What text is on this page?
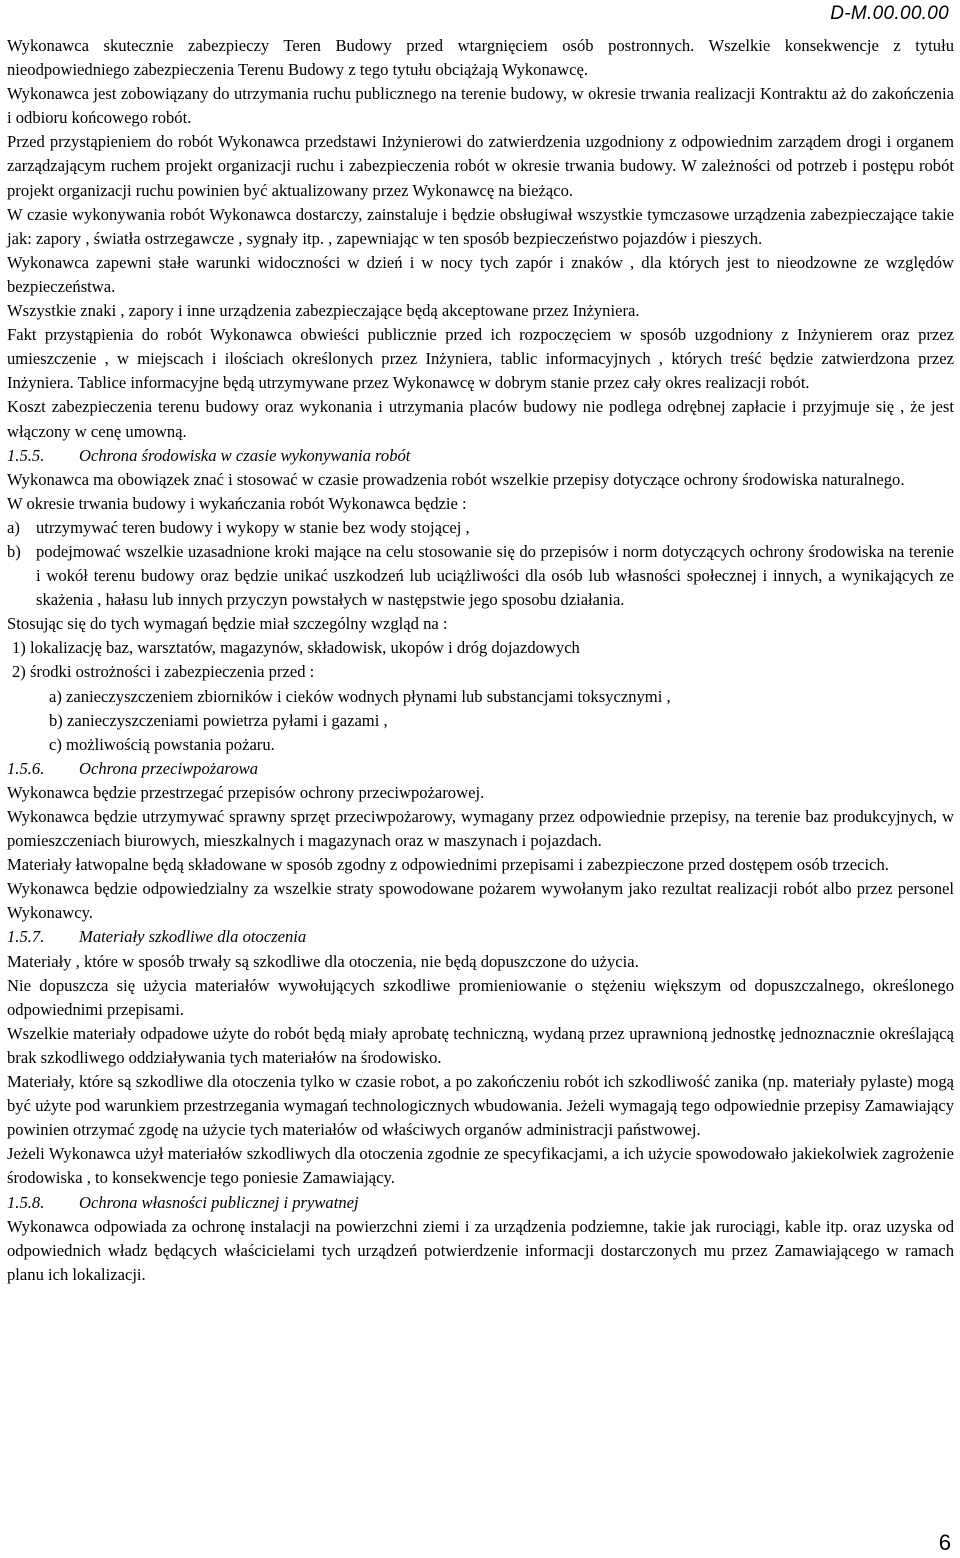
D-M.00.00.00

Wykonawca skutecznie zabezpieczy Teren Budowy przed wtargnięciem osób postronnych. Wszelkie konsekwencje z tytułu nieodpowiedniego zabezpieczenia Terenu Budowy z tego tytułu obciążają Wykonawcę.

Wykonawca jest zobowiązany do utrzymania ruchu publicznego na terenie budowy, w okresie trwania realizacji Kontraktu aż do zakończenia i odbioru końcowego robót.

Przed przystąpieniem do robót Wykonawca przedstawi Inżynierowi do zatwierdzenia uzgodniony z odpowiednim zarządem drogi i organem zarządzającym ruchem projekt organizacji ruchu i zabezpieczenia robót w okresie trwania budowy. W zależności od potrzeb i postępu robót projekt organizacji ruchu powinien być aktualizowany przez Wykonawcę na bieżąco.

W czasie wykonywania robót Wykonawca dostarczy, zainstaluje i będzie obsługiwał wszystkie tymczasowe urządzenia zabezpieczające takie jak: zapory , światła ostrzegawcze , sygnały itp. , zapewniając w ten sposób bezpieczeństwo pojazdów i pieszych.

Wykonawca zapewni stałe warunki widoczności w dzień i w nocy tych zapór i znaków , dla których jest to nieodzowne ze względów bezpieczeństwa.

Wszystkie znaki , zapory i inne urządzenia zabezpieczające będą akceptowane przez Inżyniera.

Fakt przystąpienia do robót Wykonawca obwieści publicznie przed ich rozpoczęciem w sposób uzgodniony z Inżynierem oraz przez umieszczenie , w miejscach i ilościach określonych przez Inżyniera, tablic informacyjnych , których treść będzie zatwierdzona przez Inżyniera. Tablice informacyjne będą utrzymywane przez Wykonawcę w dobrym stanie przez cały okres realizacji robót.

Koszt zabezpieczenia terenu budowy oraz wykonania i utrzymania placów budowy nie podlega odrębnej zapłacie i przyjmuje się , że jest włączony w cenę umowną.

1.5.5. Ochrona środowiska w czasie wykonywania robót

Wykonawca ma obowiązek znać i stosować w czasie prowadzenia robót wszelkie przepisy dotyczące ochrony środowiska naturalnego.

W okresie trwania budowy i wykańczania robót Wykonawca będzie :

a) utrzymywać teren budowy i wykopy w stanie bez wody stojącej ,

b) podejmować wszelkie uzasadnione kroki mające na celu stosowanie się do przepisów i norm dotyczących ochrony środowiska na terenie i wokół terenu budowy oraz będzie unikać uszkodzeń lub uciążliwości dla osób lub własności społecznej i innych, a wynikających ze skażenia , hałasu lub innych przyczyn powstałych w następstwie jego sposobu działania.

Stosując się do tych wymagań będzie miał szczególny wzgląd na :

1) lokalizację baz, warsztatów, magazynów, składowisk, ukopów i dróg dojazdowych

2) środki ostrożności i zabezpieczenia przed :

a) zanieczyszczeniem zbiorników i cieków wodnych płynami lub substancjami toksycznymi ,

b) zanieczyszczeniami powietrza pyłami i gazami ,

c) możliwością powstania pożaru.

1.5.6. Ochrona przeciwpożarowa

Wykonawca będzie przestrzegać przepisów ochrony przeciwpożarowej.

Wykonawca będzie utrzymywać sprawny sprzęt przeciwpożarowy, wymagany przez odpowiednie przepisy, na terenie baz produkcyjnych, w pomieszczeniach biurowych, mieszkalnych i magazynach oraz w maszynach i pojazdach.

Materiały łatwopalne będą składowane w sposób zgodny z odpowiednimi przepisami i zabezpieczone przed dostępem osób trzecich.

Wykonawca będzie odpowiedzialny za wszelkie straty spowodowane pożarem wywołanym jako rezultat realizacji robót albo przez personel Wykonawcy.

1.5.7. Materiały szkodliwe dla otoczenia

Materiały , które w sposób trwały są szkodliwe dla otoczenia, nie będą dopuszczone do użycia.

Nie dopuszcza się użycia materiałów wywołujących szkodliwe promieniowanie o stężeniu większym od dopuszczalnego, określonego odpowiednimi przepisami.

Wszelkie materiały odpadowe użyte do robót będą miały aprobatę techniczną, wydaną przez uprawnioną jednostkę jednoznacznie określającą brak szkodliwego oddziaływania tych materiałów na środowisko.

Materiały, które są szkodliwe dla otoczenia tylko w czasie robot, a po zakończeniu robót ich szkodliwość zanika (np. materiały pylaste) mogą być użyte pod warunkiem przestrzegania wymagań technologicznych wbudowania. Jeżeli wymagają tego odpowiednie przepisy Zamawiający powinien otrzymać zgodę na użycie tych materiałów od właściwych organów administracji państwowej.

Jeżeli Wykonawca użył materiałów szkodliwych dla otoczenia zgodnie ze specyfikacjami, a ich użycie spowodowało jakiekolwiek zagrożenie środowiska , to konsekwencje tego poniesie Zamawiający.

1.5.8. Ochrona własności publicznej i prywatnej

Wykonawca odpowiada za ochronę instalacji na powierzchni ziemi i za urządzenia podziemne, takie jak rurociągi, kable itp. oraz uzyska od odpowiednich władz będących właścicielami tych urządzeń potwierdzenie informacji dostarczonych mu przez Zamawiającego w ramach planu ich lokalizacji.

6
